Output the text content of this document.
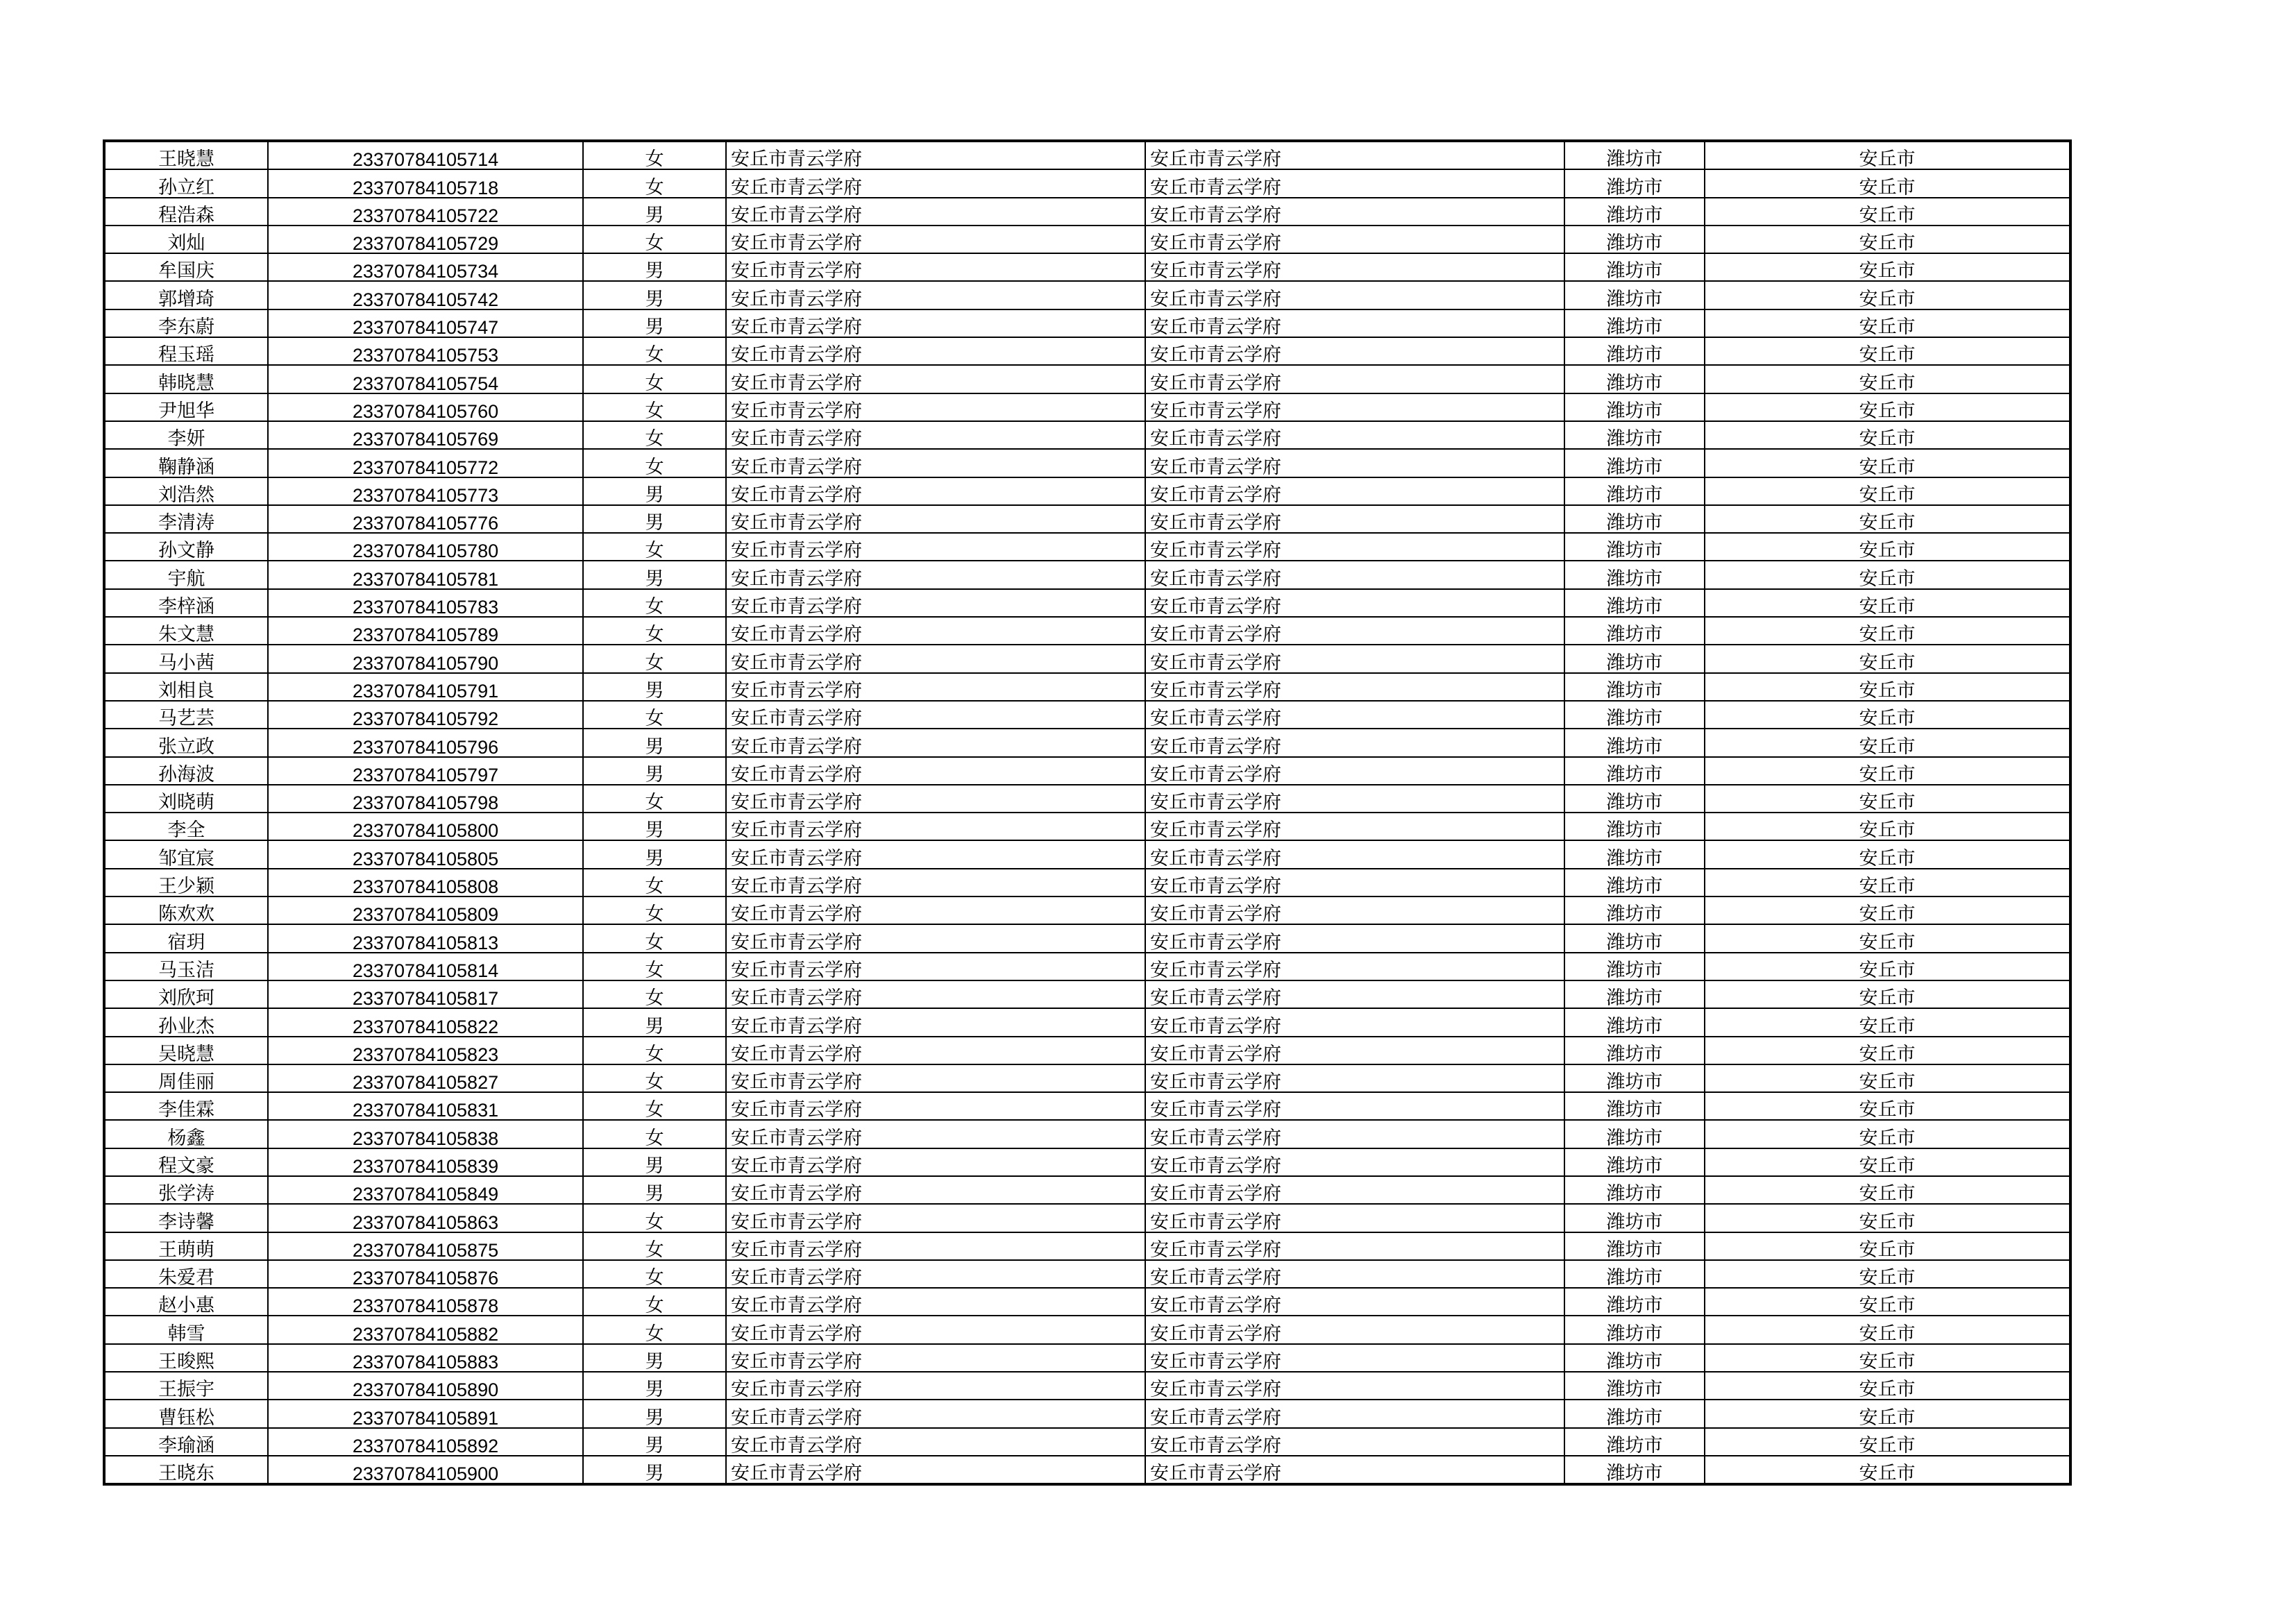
王晓慧	23370784105714	女	安丘市青云学府	安丘市青云学府	潍坊市	安丘市
孙立红	23370784105718	女	安丘市青云学府	安丘市青云学府	潍坊市	安丘市
程浩森	23370784105722	男	安丘市青云学府	安丘市青云学府	潍坊市	安丘市
刘灿	23370784105729	女	安丘市青云学府	安丘市青云学府	潍坊市	安丘市
牟国庆	23370784105734	男	安丘市青云学府	安丘市青云学府	潍坊市	安丘市
郭增琦	23370784105742	男	安丘市青云学府	安丘市青云学府	潍坊市	安丘市
李东蔚	23370784105747	男	安丘市青云学府	安丘市青云学府	潍坊市	安丘市
程玉瑶	23370784105753	女	安丘市青云学府	安丘市青云学府	潍坊市	安丘市
韩晓慧	23370784105754	女	安丘市青云学府	安丘市青云学府	潍坊市	安丘市
尹旭华	23370784105760	女	安丘市青云学府	安丘市青云学府	潍坊市	安丘市
李妍	23370784105769	女	安丘市青云学府	安丘市青云学府	潍坊市	安丘市
鞠静涵	23370784105772	女	安丘市青云学府	安丘市青云学府	潍坊市	安丘市
刘浩然	23370784105773	男	安丘市青云学府	安丘市青云学府	潍坊市	安丘市
李清涛	23370784105776	男	安丘市青云学府	安丘市青云学府	潍坊市	安丘市
孙文静	23370784105780	女	安丘市青云学府	安丘市青云学府	潍坊市	安丘市
宇航	23370784105781	男	安丘市青云学府	安丘市青云学府	潍坊市	安丘市
李梓涵	23370784105783	女	安丘市青云学府	安丘市青云学府	潍坊市	安丘市
朱文慧	23370784105789	女	安丘市青云学府	安丘市青云学府	潍坊市	安丘市
马小茜	23370784105790	女	安丘市青云学府	安丘市青云学府	潍坊市	安丘市
刘相良	23370784105791	男	安丘市青云学府	安丘市青云学府	潍坊市	安丘市
马艺芸	23370784105792	女	安丘市青云学府	安丘市青云学府	潍坊市	安丘市
张立政	23370784105796	男	安丘市青云学府	安丘市青云学府	潍坊市	安丘市
孙海波	23370784105797	男	安丘市青云学府	安丘市青云学府	潍坊市	安丘市
刘晓萌	23370784105798	女	安丘市青云学府	安丘市青云学府	潍坊市	安丘市
李全	23370784105800	男	安丘市青云学府	安丘市青云学府	潍坊市	安丘市
邹宜宸	23370784105805	男	安丘市青云学府	安丘市青云学府	潍坊市	安丘市
王少颖	23370784105808	女	安丘市青云学府	安丘市青云学府	潍坊市	安丘市
陈欢欢	23370784105809	女	安丘市青云学府	安丘市青云学府	潍坊市	安丘市
宿玥	23370784105813	女	安丘市青云学府	安丘市青云学府	潍坊市	安丘市
马玉洁	23370784105814	女	安丘市青云学府	安丘市青云学府	潍坊市	安丘市
刘欣珂	23370784105817	女	安丘市青云学府	安丘市青云学府	潍坊市	安丘市
孙业杰	23370784105822	男	安丘市青云学府	安丘市青云学府	潍坊市	安丘市
吴晓慧	23370784105823	女	安丘市青云学府	安丘市青云学府	潍坊市	安丘市
周佳丽	23370784105827	女	安丘市青云学府	安丘市青云学府	潍坊市	安丘市
李佳霖	23370784105831	女	安丘市青云学府	安丘市青云学府	潍坊市	安丘市
杨鑫	23370784105838	女	安丘市青云学府	安丘市青云学府	潍坊市	安丘市
程文豪	23370784105839	男	安丘市青云学府	安丘市青云学府	潍坊市	安丘市
张学涛	23370784105849	男	安丘市青云学府	安丘市青云学府	潍坊市	安丘市
李诗馨	23370784105863	女	安丘市青云学府	安丘市青云学府	潍坊市	安丘市
王萌萌	23370784105875	女	安丘市青云学府	安丘市青云学府	潍坊市	安丘市
朱爱君	23370784105876	女	安丘市青云学府	安丘市青云学府	潍坊市	安丘市
赵小惠	23370784105878	女	安丘市青云学府	安丘市青云学府	潍坊市	安丘市
韩雪	23370784105882	女	安丘市青云学府	安丘市青云学府	潍坊市	安丘市
王晙熙	23370784105883	男	安丘市青云学府	安丘市青云学府	潍坊市	安丘市
王振宇	23370784105890	男	安丘市青云学府	安丘市青云学府	潍坊市	安丘市
曹钰松	23370784105891	男	安丘市青云学府	安丘市青云学府	潍坊市	安丘市
李瑜涵	23370784105892	男	安丘市青云学府	安丘市青云学府	潍坊市	安丘市
王晓东	23370784105900	男	安丘市青云学府	安丘市青云学府	潍坊市	安丘市
